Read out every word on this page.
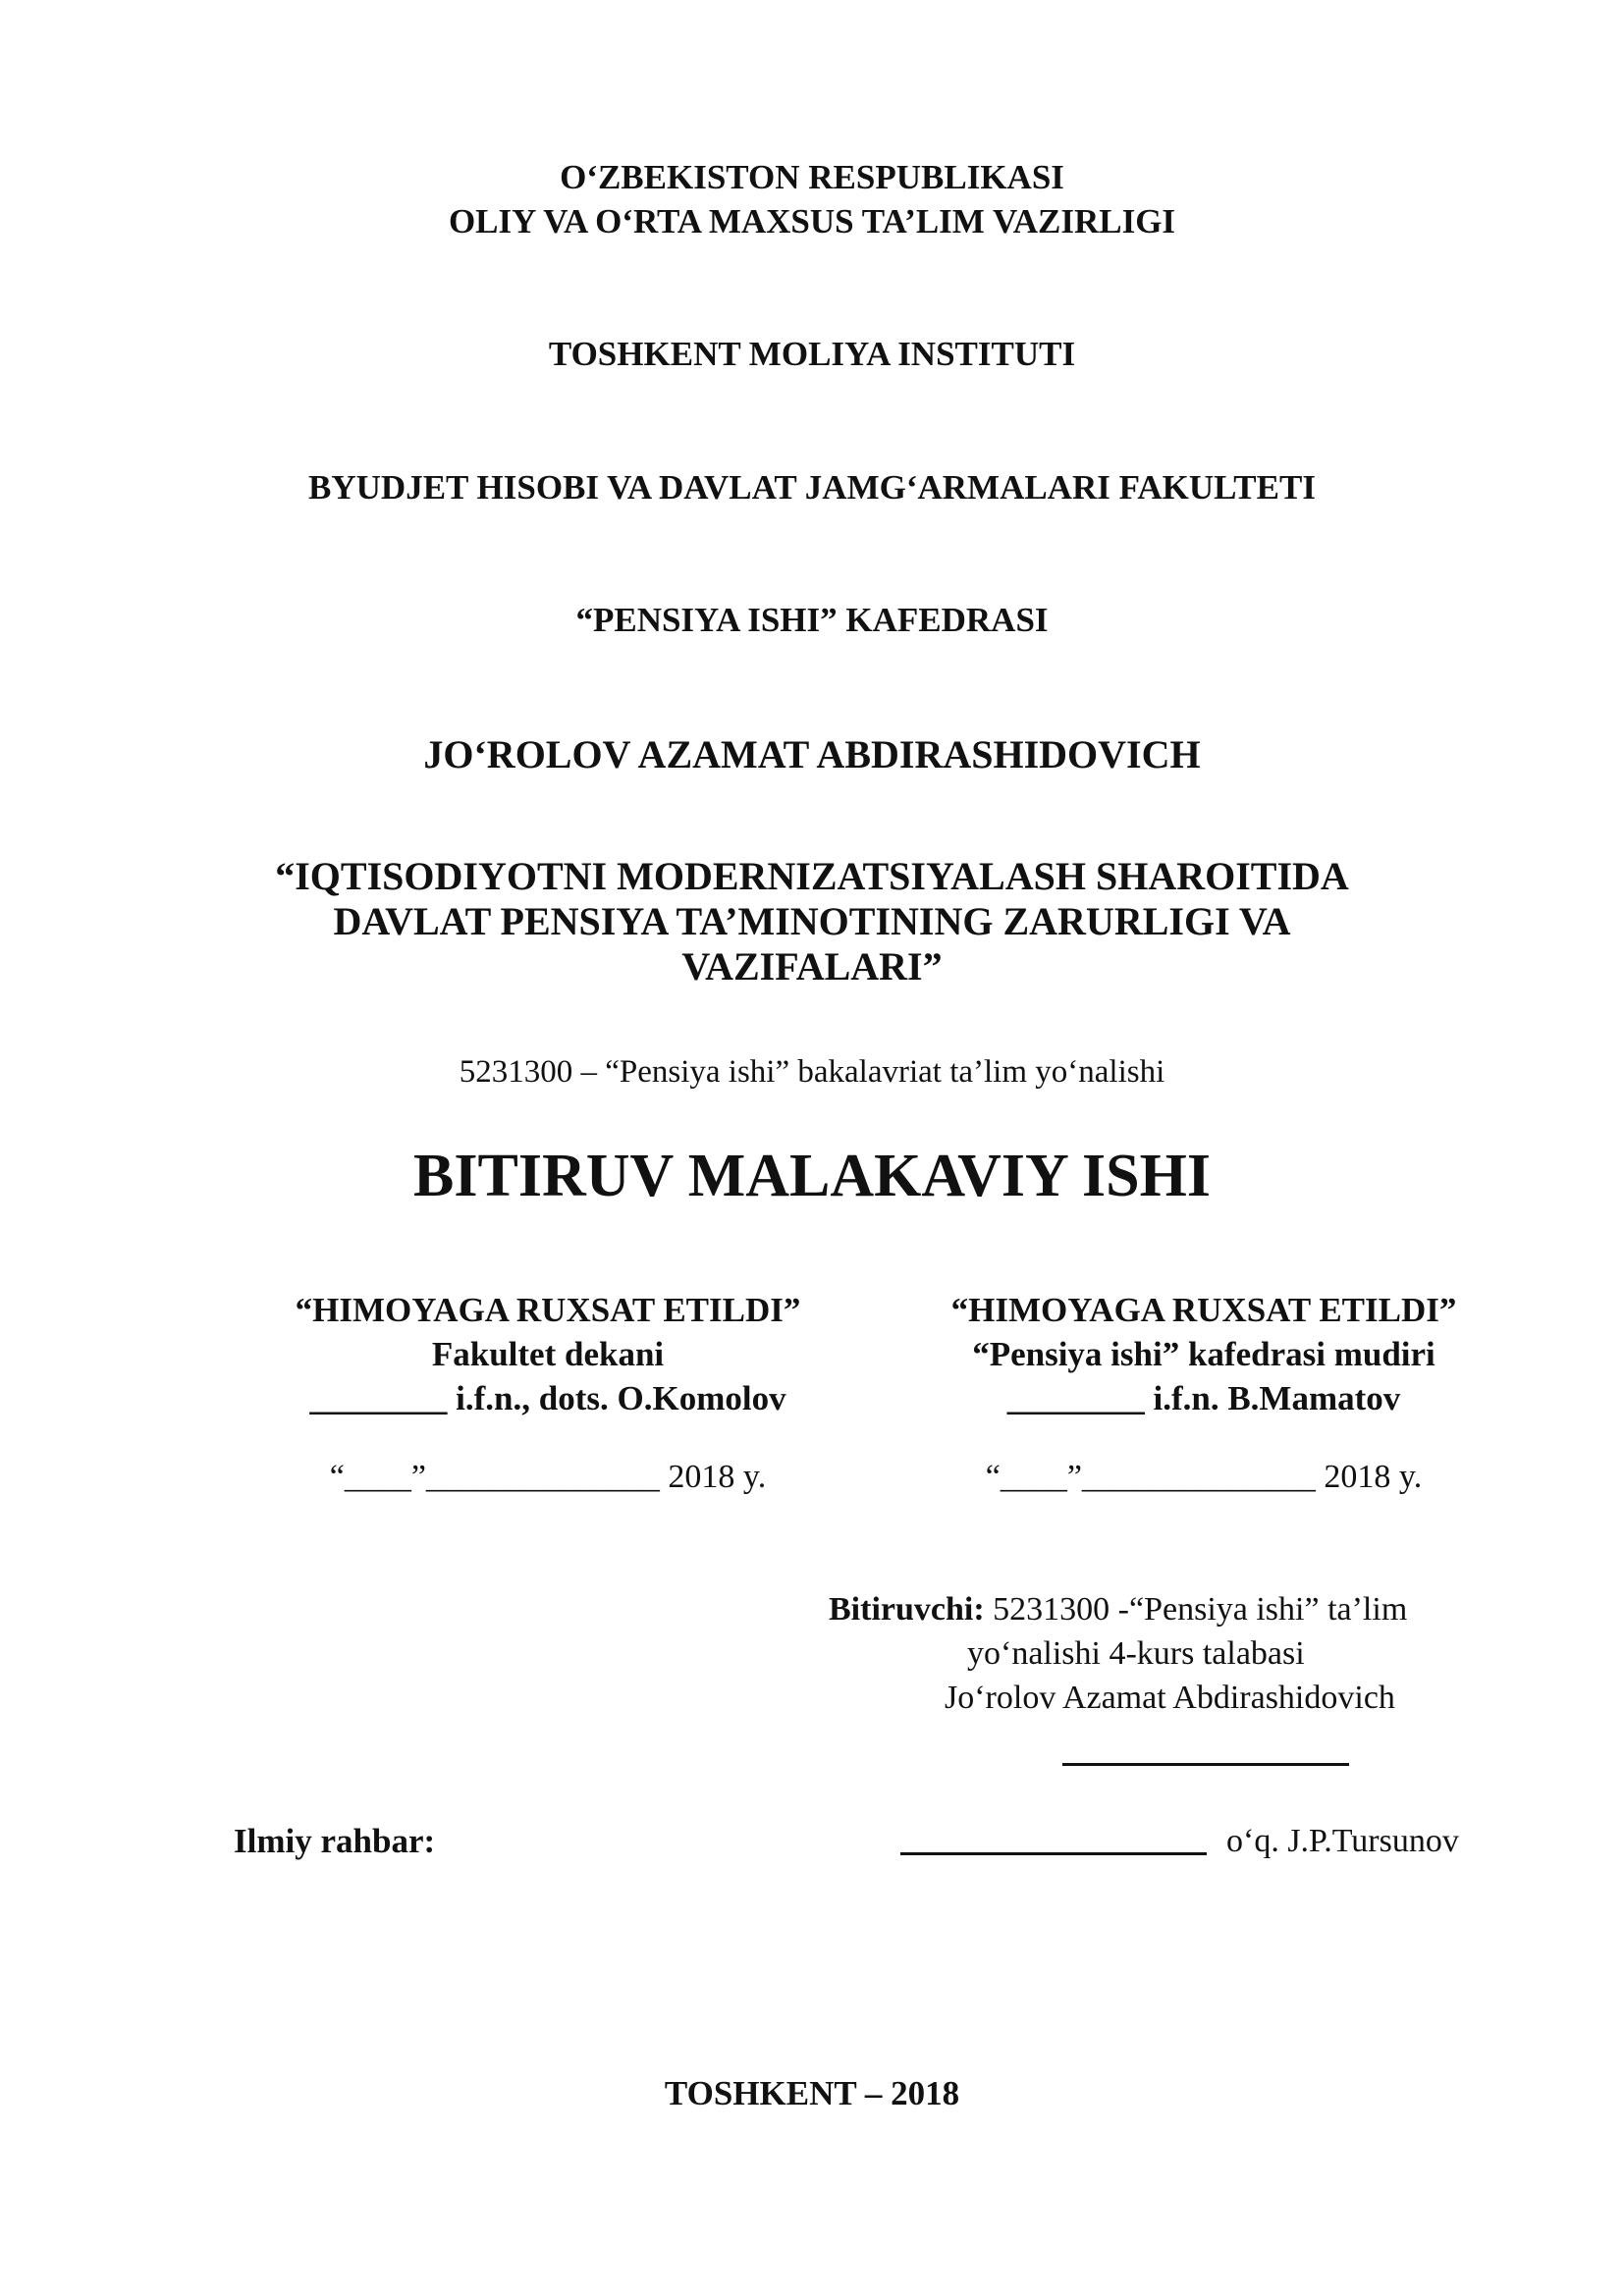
O‘ZBEKISTON RESPUBLIKASI
OLIY VA O‘RTA MAXSUS TA’LIM VAZIRLIGI
TOSHKENT MOLIYA INSTITUTI
BYUDJET HISOBI VA DAVLAT JAMG‘ARMALARI FAKULTETI
“PENSIYA ISHI” KAFEDRASI
JO‘ROLOV AZAMAT ABDIRASHIDOVICH
“IQTISODIYOTNI MODERNIZATSIYALASH SHAROITIDA
DAVLAT PENSIYA TA’MINOTINING ZARURLIGI VA
VAZIFALARI”
5231300 – “Pensiya ishi” bakalavriat ta’lim yo‘nalishi
BITIRUV MALAKAVIY ISHI
“HIMOYAGA RUXSAT ETILDI”
Fakultet dekani
________ i.f.n., dots. O.Komolov
“____”______________ 2018 y.
“HIMOYAGA RUXSAT ETILDI”
“Pensiya ishi” kafedrasi mudiri
________ i.f.n. B.Mamatov
“____”______________ 2018 y.
Bitiruvchi: 5231300 -“Pensiya ishi” ta’lim
yo‘nalishi 4-kurs talabasi
Jo‘rolov Azamat Abdirashidovich
Ilmiy rahbar:	o‘q. J.P.Tursunov
TOSHKENT – 2018
